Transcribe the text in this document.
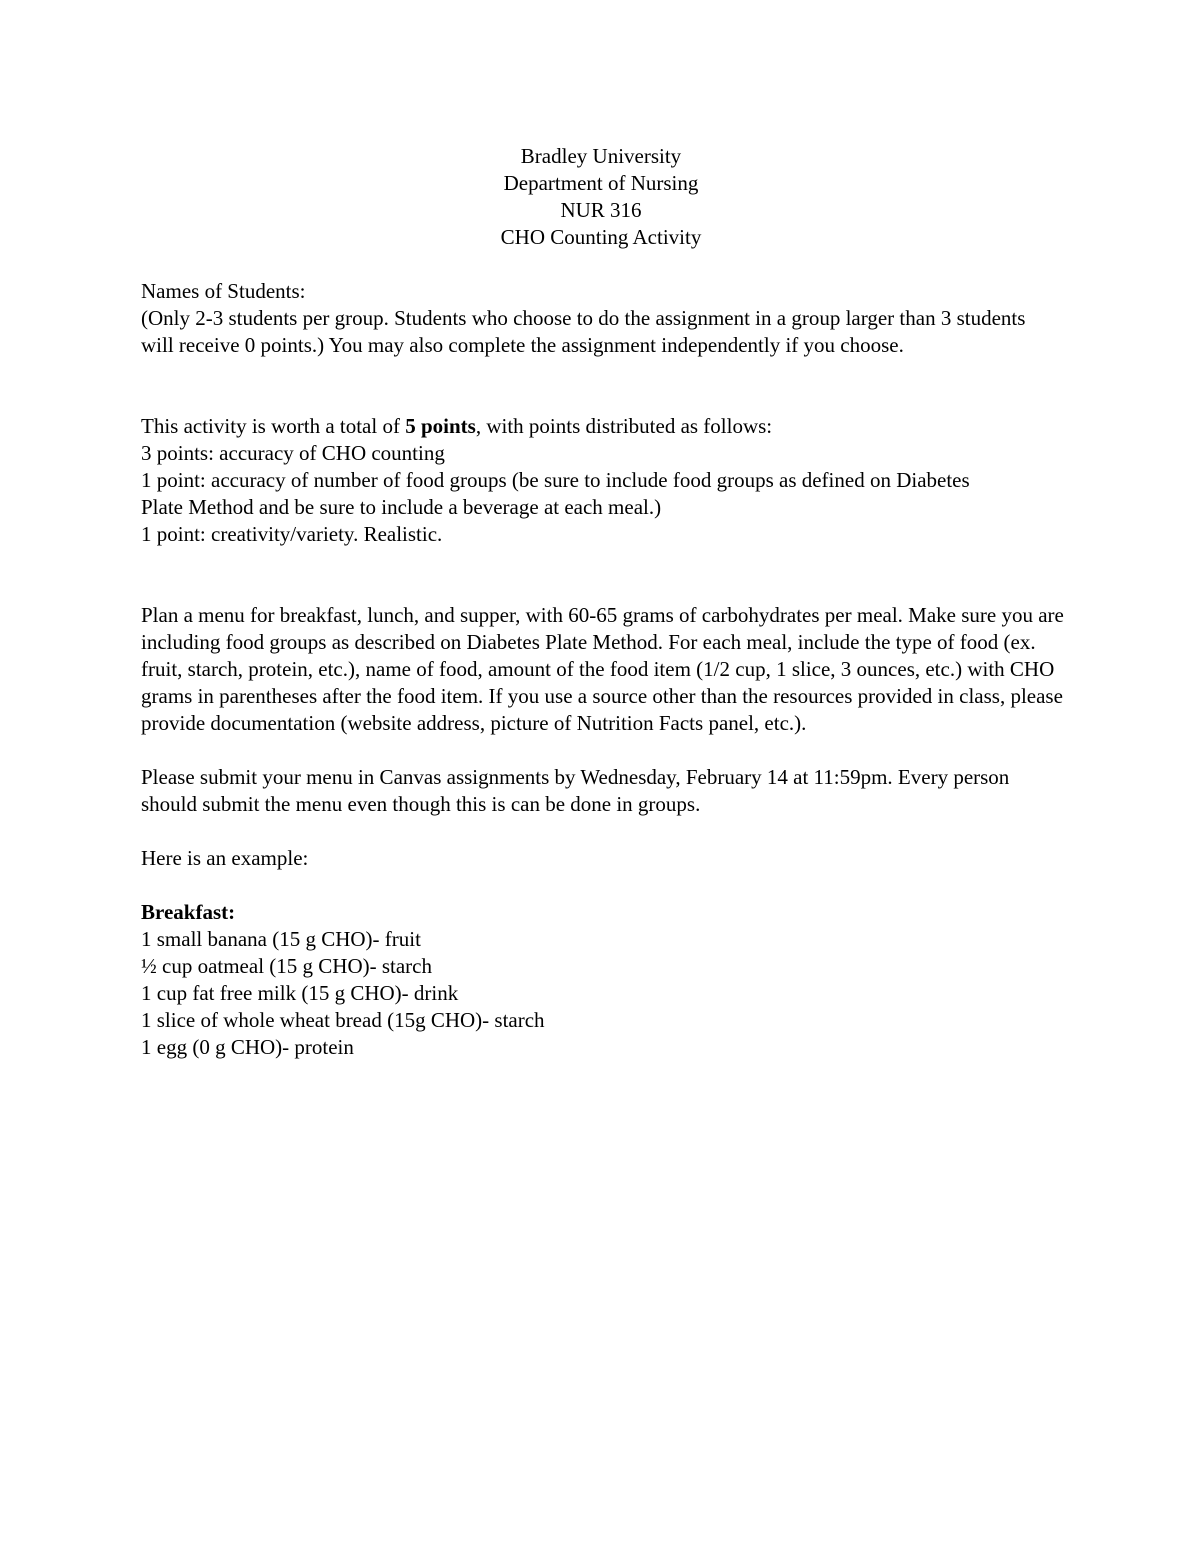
Bradley University

Department of Nursing

NUR 316

CHO Counting Activity

Names of Students:

(Only 2-3 students per group. Students who choose to do the assignment in a group larger than 3 students will receive 0 points.) You may also complete the assignment independently if you choose.

This activity is worth a total of 5 points, with points distributed as follows:

3 points: accuracy of CHO counting

1 point: accuracy of number of food groups (be sure to include food groups as defined on Diabetes Plate Method and be sure to include a beverage at each meal.)

1 point: creativity/variety. Realistic.

Plan a menu for breakfast, lunch, and supper, with 60-65 grams of carbohydrates per meal. Make sure you are including food groups as described on Diabetes Plate Method. For each meal, include the type of food (ex. fruit, starch, protein, etc.), name of food, amount of the food item (1/2 cup, 1 slice, 3 ounces, etc.) with CHO grams in parentheses after the food item. If you use a source other than the resources provided in class, please provide documentation (website address, picture of Nutrition Facts panel, etc.).

Please submit your menu in Canvas assignments by Wednesday, February 14 at 11:59pm. Every person should submit the menu even though this is can be done in groups.

Here is an example:

Breakfast:

1 small banana (15 g CHO)- fruit

½ cup oatmeal (15 g CHO)- starch

1 cup fat free milk (15 g CHO)- drink

1 slice of whole wheat bread (15g CHO)- starch

1 egg (0 g CHO)- protein
